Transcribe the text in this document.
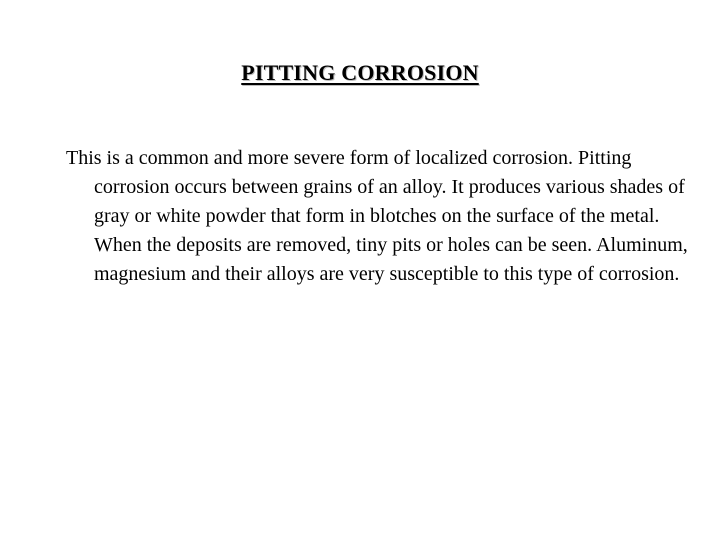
PITTING CORROSION

This is a common and more severe form of localized corrosion. Pitting corrosion occurs between grains of an alloy. It produces various shades of gray or white powder that form in blotches on the surface of the metal. When the deposits are removed, tiny pits or holes can be seen. Aluminum, magnesium and their alloys are very susceptible to this type of corrosion.
